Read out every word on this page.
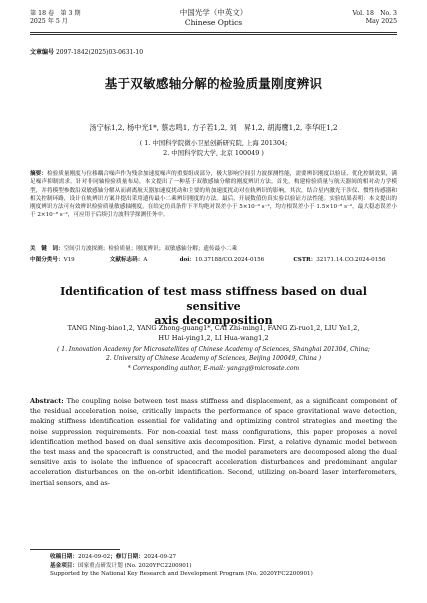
第 18 卷　第 3 期
2025 年 5 月
中国光学（中英文）
Chinese Optics
Vol. 18　No. 3
May 2025
文章编号 2097-1842(2025)03-0631-10
基于双敏感轴分解的检验质量刚度辨识
汤宁标1,2, 杨中光1*, 蔡志鸣1, 方子若1,2, 刘　昇1,2, 胡海鹰1,2, 李华旺1,2
( 1. 中国科学院微小卫星创新研究院, 上海 201304;
2. 中国科学院大学, 北京 100049 )
摘要：检验质量刚度与位移耦合噪声作为残余加速度噪声的重要组成部分，极大影响空间引力波探测性能，需要辨识刚度以验证、优化控制效果，满足噪声抑制需求。针对非同轴检验质量布局，本文提出了一种基于双敏感轴分解的刚度辨识方法。首先，构建检验质量与航天器间的相对动力学模型，并将模型参数沿双敏感轴分解从而剥离航天器加速度扰动和主要的角加速度扰动对在轨辨识的影响。其次，结合星内激光干涉仪、惯性传感器和相关控制环路，设计在轨辨识方案并提出采用遗传最小二乘辨识刚度的方法。最后，开展数值仿真实验以验证方法性能。实验结果表明：本文提出的刚度辨识方法可有效辨识检验质量敏感轴刚度，在给定仿真条件下平均绝对误差小于 5×10⁻⁹ s⁻²，均方根误差小于 1.5×10⁻⁸ s⁻²，最大稳态误差小于 2×10⁻⁸ s⁻²，可应用于后续引力波科学探测任务中。
关　键　词：空间引力波探测；检验质量；刚度辨识；双敏感轴分解；遗传最小二乘
中图分类号：V19	文献标志码：A	doi：10.37188/CO.2024-0156	CSTR：32171.14.CO.2024-0156
Identification of test mass stiffness based on dual sensitive
axis decomposition
TANG Ning-biao1,2, YANG Zhong-guang1*, CAI Zhi-ming1, FANG Zi-ruo1,2, LIU Ye1,2,
HU Hai-ying1,2, LI Hua-wang1,2
( 1. Innovation Academy for Microsatellites of Chinese Academy of Sciences, Shanghai 201304, China;
2. University of Chinese Academy of Sciences, Beijing 100049, China )
* Corresponding author, E-mail: yangzg@microsate.com
Abstract: The coupling noise between test mass stiffness and displacement, as a significant component of the residual acceleration noise, critically impacts the performance of space gravitational wave detection, making stiffness identification essential for validating and optimizing control strategies and meeting the noise suppression requirements. For non-coaxial test mass configurations, this paper proposes a novel identification method based on dual sensitive axis decomposition. First, a relative dynamic model between the test mass and the spacecraft is constructed, and the model parameters are decomposed along the dual sensitive axis to isolate the influence of spacecraft acceleration disturbances and predominant angular acceleration disturbances on the on-orbit identification. Second, utilizing on-board laser interferometers, inertial sensors, and as-
收稿日期：2024-09-02；修订日期：2024-09-27
基金项目：国家重点研发计划 (No. 2020YFC2200901)
Supported by the National Key Research and Development Program (No. 2020YFC2200901)
